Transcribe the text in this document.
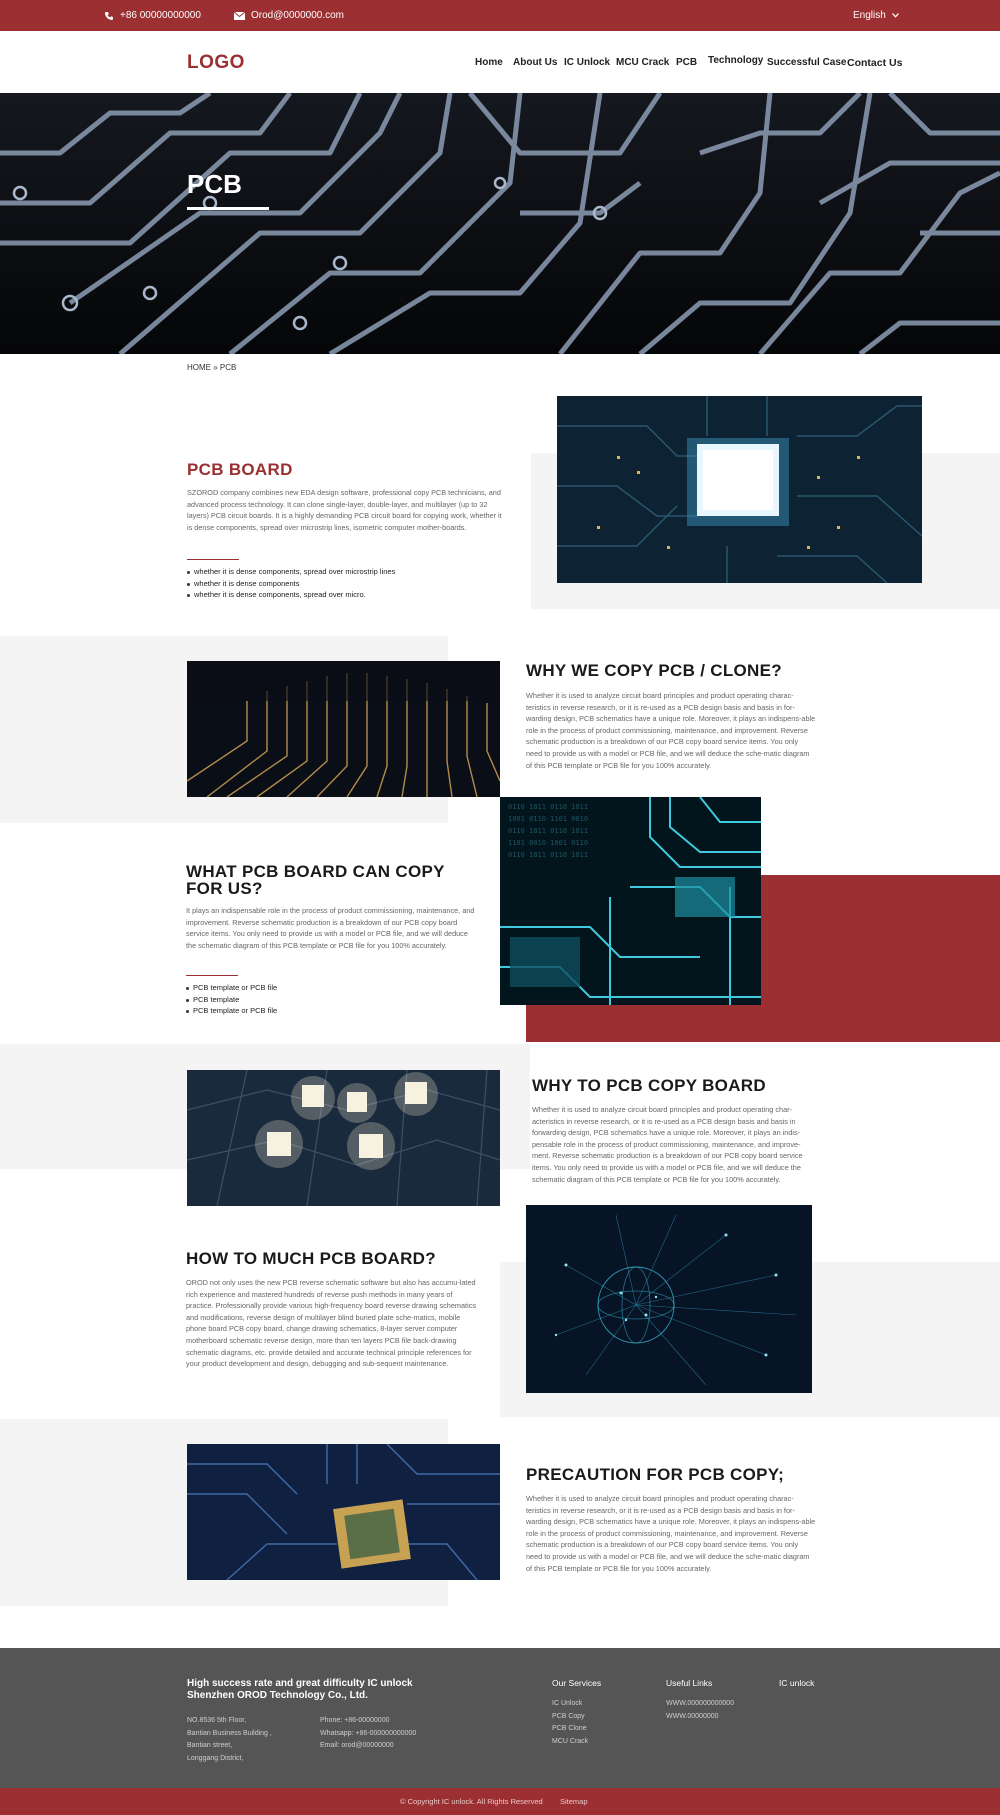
+86 00000000000	Orod@0000000.com	English
LOGO	Home About Us IC Unlock MCU Crack PCB Technology Successful Case Contact Us
PCB
HOME » PCB
PCB BOARD

SZOROD company combines new EDA design software, professional copy PCB technicians, and advanced process technology. It can clone single-layer, double-layer, and multilayer (up to 32 layers) PCB circuit boards. It is a highly demanding PCB circuit board for copying work, whether it is dense components, spread over microstrip lines, isometric computer mother-boards.

whether it is dense components, spread over microstrip lines
whether it is dense components
whether it is dense components, spread over micro.
WHY WE COPY PCB / CLONE?

Whether it is used to analyze circuit board principles and product operating charac-teristics in reverse research, or it is re-used as a PCB design basis and basis in for-warding design, PCB schematics have a unique role. Moreover, it plays an indispens-able role in the process of product commissioning, maintenance, and improvement. Reverse schematic production is a breakdown of our PCB copy board service items. You only need to provide us with a model or PCB file, and we will deduce the sche-matic diagram of this PCB template or PCB file for you 100% accurately.

0110 1011 0110 1011
1001 0110 1101 0010
0110 1011 0110 1011
1101 0010 1001 0110
0110 1011 0110 1011
WHAT PCB BOARD CAN COPY FOR US?

It plays an indispensable role in the process of product commissioning, maintenance, and improvement. Reverse schematic production is a breakdown of our PCB copy board service items. You only need to provide us with a model or PCB file, and we will deduce the schematic diagram of this PCB template or PCB file for you 100% accurately.

PCB template or PCB file
PCB template
PCB template or PCB file
WHY TO PCB COPY BOARD

Whether it is used to analyze circuit board principles and product operating char-acteristics in reverse research, or it is re-used as a PCB design basis and basis in forwarding design, PCB schematics have a unique role. Moreover, it plays an indis-pensable role in the process of product commissioning, maintenance, and improve-ment. Reverse schematic production is a breakdown of our PCB copy board service items. You only need to provide us with a model or PCB file, and we will deduce the schematic diagram of this PCB template or PCB file for you 100% accurately.

HOW TO MUCH PCB BOARD?

OROD not only uses the new PCB reverse schematic software but also has accumu-lated rich experience and mastered hundreds of reverse push methods in many years of practice. Professionally provide various high-frequency board reverse drawing schematics and modifications, reverse design of multilayer blind buried plate sche-matics, mobile phone board PCB copy board, change drawing schematics, 8-layer server computer motherboard schematic reverse design, more than ten layers PCB file back-drawing schematic diagrams, etc. provide detailed and accurate technical principle references for your product development and design, debugging and sub-sequent maintenance.

PRECAUTION FOR PCB COPY;

Whether it is used to analyze circuit board principles and product operating charac-teristics in reverse research, or it is re-used as a PCB design basis and basis in for-warding design, PCB schematics have a unique role. Moreover, it plays an indispens-able role in the process of product commissioning, maintenance, and improvement. Reverse schematic production is a breakdown of our PCB copy board service items. You only need to provide us with a model or PCB file, and we will deduce the sche-matic diagram of this PCB template or PCB file for you 100% accurately.

High success rate and great difficulty IC unlock
Shenzhen OROD Technology Co., Ltd.
NO.8536 5th Floor,
Bantian Business Building ,
Bantian street,
Longgang District,
Phone: +86-00000000
Whatsapp: +86-000000000000
Email: orod@00000000
Our Services
IC Unlock
PCB Copy
PCB Clone
MCU Crack
Useful Links
WWW.000000000000
WWW.00000000
IC unlock
© Copyright IC unlock. All Rights Reserved Sitemap
